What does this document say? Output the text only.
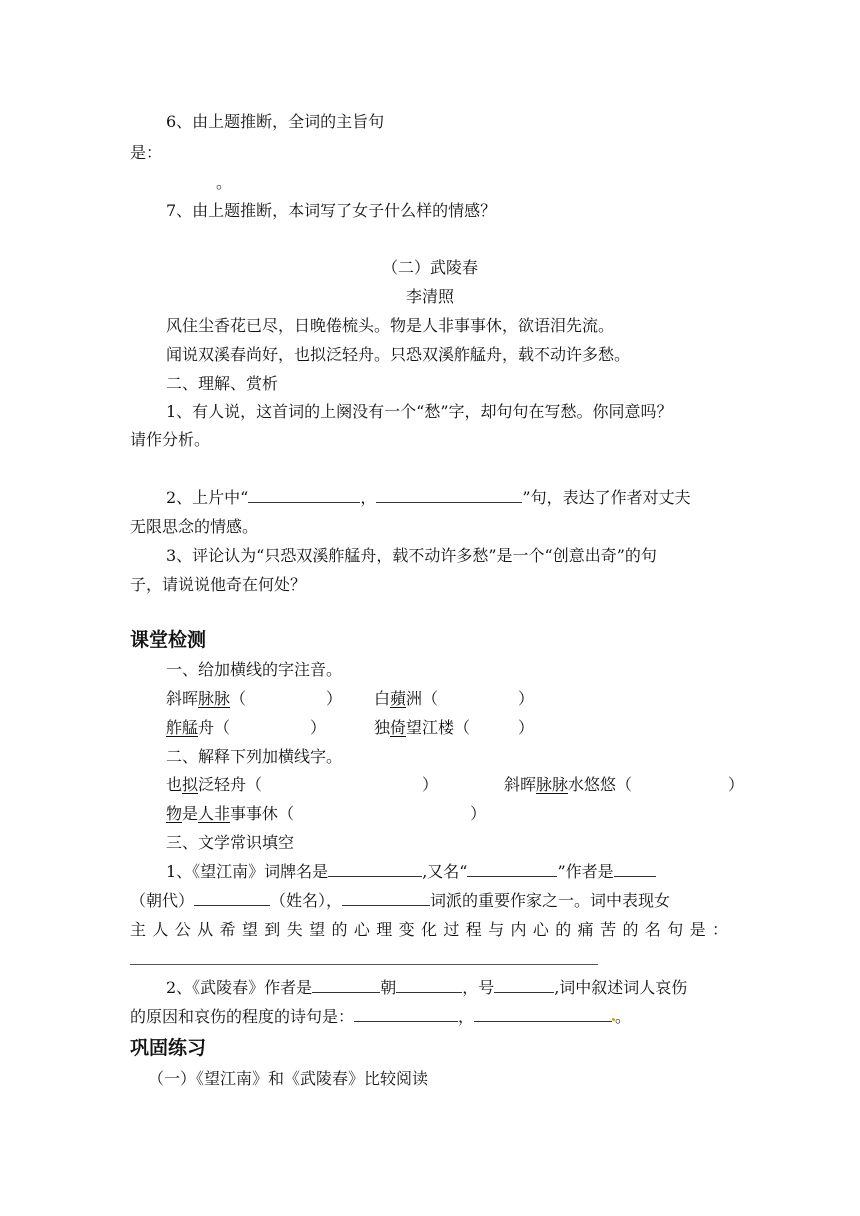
6、由上题推断，全词的主旨句
是：
。
7、由上题推断，本词写了女子什么样的情感？
（二）武陵春
李清照
风住尘香花已尽，日晚倦梳头。物是人非事事休，欲语泪先流。
闻说双溪春尚好，也拟泛轻舟。只恐双溪舴艋舟，载不动许多愁。
二、理解、赏析
1、有人说，这首词的上阕没有一个“愁”字，却句句在写愁。你同意吗？
请作分析。
2、上片中“	，	”句，表达了作者对丈夫
无限思念的情感。
3、评论认为“只恐双溪舴艋舟，载不动许多愁”是一个“创意出奇”的句
子，请说说他奇在何处？
课堂检测
一、给加横线的字注音。
斜晖脉脉（　　　　　） 白蘋洲（　　　　　）
舴艋舟（　　　　　）	独倚望江楼（　　　）
二、解释下列加横线字。
也拟泛轻舟（　　　　　　　　　　）	斜晖脉脉水悠悠（　　　　　　）
物是人非事事休（　　　　　　　　　　　）
三、文学常识填空
1、《望江南》词牌名是	,又名“	”作者是
（朝代）	（姓名），	词派的重要作家之一。词中表现女
主人公从希望到失望的心理变化过程与内心的痛苦的名句是：
2、《武陵春》作者是	朝	，号	,词中叙述词人哀伤
的原因和哀伤的程度的诗句是：	，	。
巩固练习
（一）《望江南》和《武陵春》比较阅读
